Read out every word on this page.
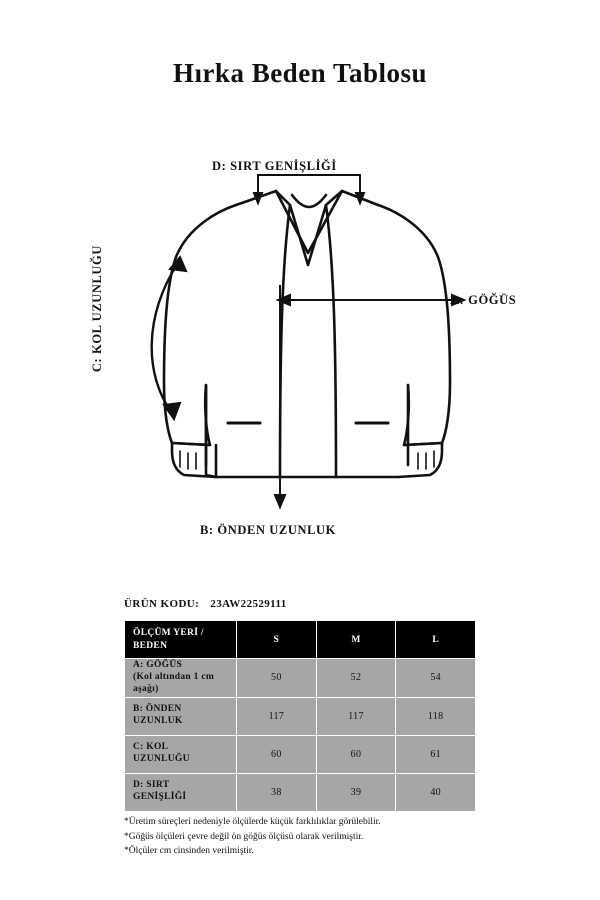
Hırka Beden Tablosu
D: SIRT GENİŞLİĞİ
A: GÖĞÜS
B: ÖNDEN UZUNLUK
C: KOL UZUNLUĞU
ÜRÜN KODU: 23AW22529111
ÖLÇÜM YERİ /
BEDEN	S	M	L
A: GÖĞÜS
(Kol altından 1 cm
aşağı)	50	52	54
B: ÖNDEN
UZUNLUK	117	117	118
C: KOL
UZUNLUĞU	60	60	61
D: SIRT
GENİŞLİĞİ	38	39	40
*Üretim süreçleri nedeniyle ölçülerde küçük farklılıklar görülebilir.
*Göğüs ölçüleri çevre değil ön göğüs ölçüsü olarak verilmiştir.
*Ölçüler cm cinsinden verilmiştir.
